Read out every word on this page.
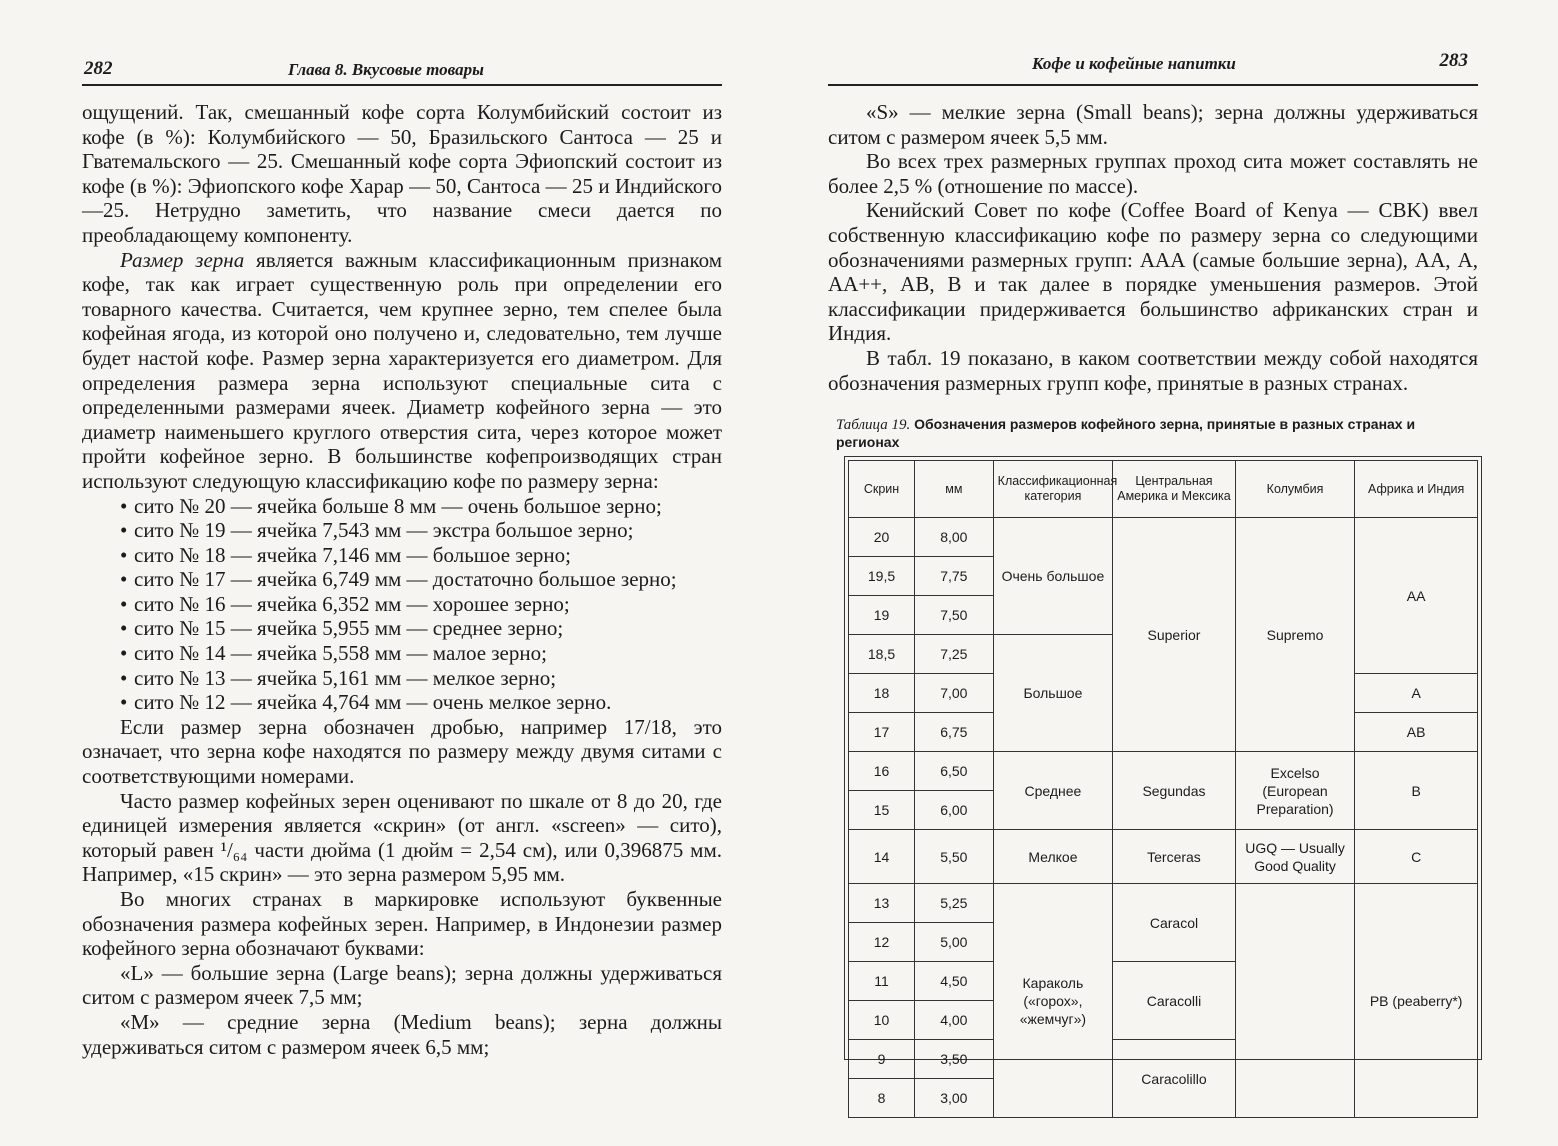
282	Глава 8. Вкусовые товары

ощущений. Так, смешанный кофе сорта Колумбийский состоит из кофе (в %): Колумбийского — 50, Бразильского Сантоса — 25 и Гватемальского — 25. Смешанный кофе сорта Эфиопский состоит из кофе (в %): Эфиопского кофе Харар — 50, Сантоса — 25 и Индийского —25. Нетрудно заметить, что название смеси дается по преобладающему компоненту.

Размер зерна является важным классификационным признаком кофе, так как играет существенную роль при определении его товарного качества. Считается, чем крупнее зерно, тем спелее была кофейная ягода, из которой оно получено и, следовательно, тем лучше будет настой кофе. Размер зерна характеризуется его диаметром. Для определения размера зерна используют специальные сита с определенными размерами ячеек. Диаметр кофейного зерна — это диаметр наименьшего круглого отверстия сита, через которое может пройти кофейное зерно. В большинстве кофепроизводящих стран используют следующую классификацию кофе по размеру зерна:

• сито № 20 — ячейка больше 8 мм — очень большое зерно;
• сито № 19 — ячейка 7,543 мм — экстра большое зерно;
• сито № 18 — ячейка 7,146 мм — большое зерно;
• сито № 17 — ячейка 6,749 мм — достаточно большое зерно;
• сито № 16 — ячейка 6,352 мм — хорошее зерно;
• сито № 15 — ячейка 5,955 мм — среднее зерно;
• сито № 14 — ячейка 5,558 мм — малое зерно;
• сито № 13 — ячейка 5,161 мм — мелкое зерно;
• сито № 12 — ячейка 4,764 мм — очень мелкое зерно.

Если размер зерна обозначен дробью, например 17/18, это означает, что зерна кофе находятся по размеру между двумя ситами с соответствующими номерами.

Часто размер кофейных зерен оценивают по шкале от 8 до 20, где единицей измерения является «скрин» (от англ. «screen» — сито), который равен ¹/₆₄ части дюйма (1 дюйм = 2,54 см), или 0,396875 мм. Например, «15 скрин» — это зерна размером 5,95 мм.

Во многих странах в маркировке используют буквенные обозначения размера кофейных зерен. Например, в Индонезии размер кофейного зерна обозначают буквами:

«L» — большие зерна (Large beans); зерна должны удерживаться ситом с размером ячеек 7,5 мм;

«М» — средние зерна (Medium beans); зерна должны удерживаться ситом с размером ячеек 6,5 мм;

Кофе и кофейные напитки	283

«S» — мелкие зерна (Small beans); зерна должны удерживаться ситом с размером ячеек 5,5 мм.

Во всех трех размерных группах проход сита может составлять не более 2,5 % (отношение по массе).

Кенийский Совет по кофе (Coffee Board of Kenya — CBK) ввел собственную классификацию кофе по размеру зерна со следующими обозначениями размерных групп: ААА (самые большие зерна), АА, А, АА++, АВ, В и так далее в порядке уменьшения размеров. Этой классификации придерживается большинство африканских стран и Индия.

В табл. 19 показано, в каком соответствии между собой находятся обозначения размерных групп кофе, принятые в разных странах.

Таблица 19. Обозначения размеров кофейного зерна, принятые в разных странах и регионах
Скрин	мм	Классификационная категория	Центральная Америка и Мексика	Колумбия	Африка и Индия
20	8,00	Очень большое	Superior	Supremo	AA
19,5	7,75				
19	7,50				
18,5	7,25	Большое			
18	7,00				A
17	6,75				AB
16	6,50	Среднее	Segundas	Excelso (European Preparation)	B
15	6,00				
14	5,50	Мелкое	Terceras	UGQ — Usually Good Quality	C
13	5,25	Караколь («горох», «жемчуг»)	Caracol		PB (peaberry*)
12	5,00				
11	4,50		Caracolli		
10	4,00				
9	3,50		Caracolillo		
8	3,00				
